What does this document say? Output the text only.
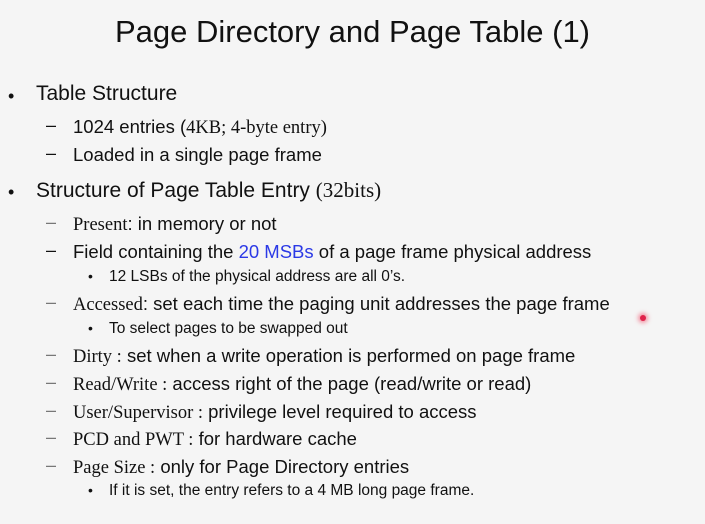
Page Directory and Page Table (1)
• Table Structure
– 1024 entries (4KB; 4-byte entry)
– Loaded in a single page frame
• Structure of Page Table Entry (32bits)
– Present: in memory or not
– Field containing the 20 MSBs of a page frame physical address
• 12 LSBs of the physical address are all 0’s.
– Accessed: set each time the paging unit addresses the page frame
• To select pages to be swapped out
– Dirty : set when a write operation is performed on page frame
– Read/Write : access right of the page (read/write or read)
– User/Supervisor : privilege level required to access
– PCD and PWT : for hardware cache
– Page Size : only for Page Directory entries
• If it is set, the entry refers to a 4 MB long page frame.
